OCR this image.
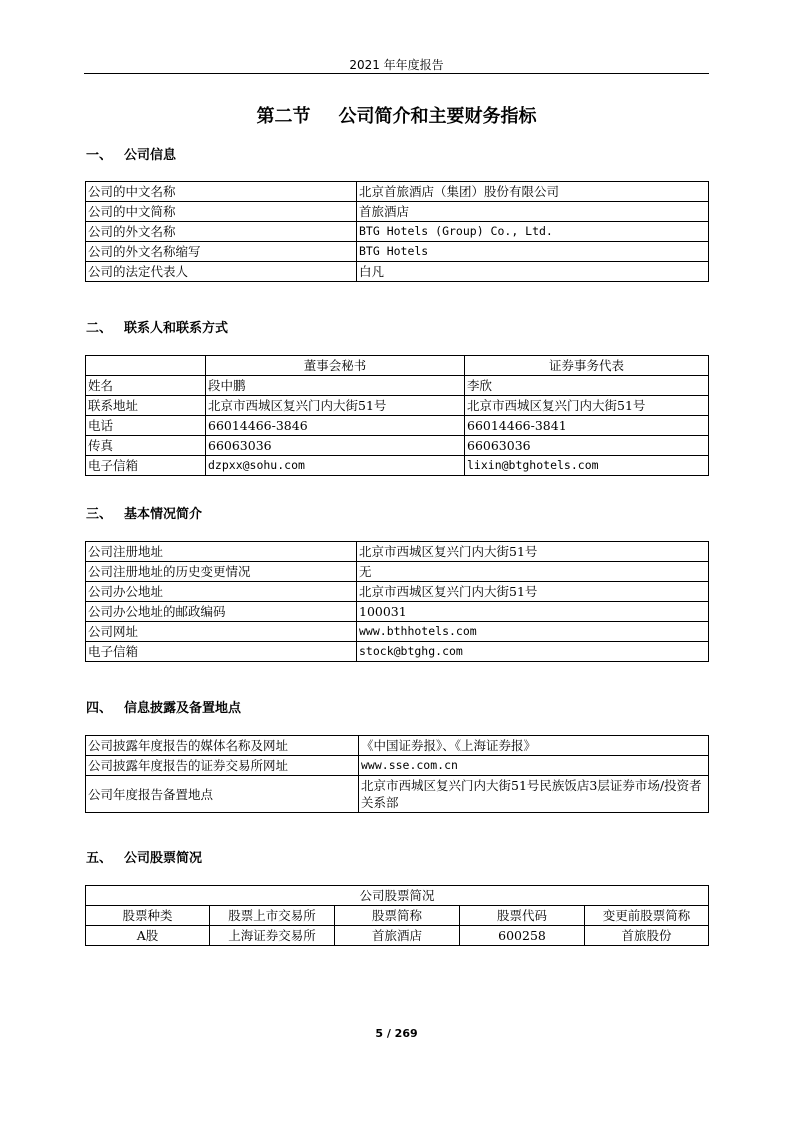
2021 年年度报告
第二节 公司简介和主要财务指标
一、 公司信息
公司的中文名称	北京首旅酒店（集团）股份有限公司
公司的中文简称	首旅酒店
公司的外文名称	BTG Hotels (Group) Co., Ltd.
公司的外文名称缩写	BTG Hotels
公司的法定代表人	白凡
二、 联系人和联系方式
	董事会秘书	证券事务代表
姓名	段中鹏	李欣
联系地址	北京市西城区复兴门内大街51号	北京市西城区复兴门内大街51号
电话	66014466-3846	66014466-3841
传真	66063036	66063036
电子信箱	dzpxx@sohu.com	lixin@btghotels.com
三、 基本情况简介
公司注册地址	北京市西城区复兴门内大街51号
公司注册地址的历史变更情况	无
公司办公地址	北京市西城区复兴门内大街51号
公司办公地址的邮政编码	100031
公司网址	www.bthhotels.com
电子信箱	stock@btghg.com
四、 信息披露及备置地点
公司披露年度报告的媒体名称及网址	《中国证券报》、《上海证券报》
公司披露年度报告的证券交易所网址	www.sse.com.cn
公司年度报告备置地点	北京市西城区复兴门内大街51号民族饭店3层证券市场/投资者关系部
五、 公司股票简况
公司股票简况				
股票种类	股票上市交易所	股票简称	股票代码	变更前股票简称
A股	上海证券交易所	首旅酒店	600258	首旅股份
5 / 269
